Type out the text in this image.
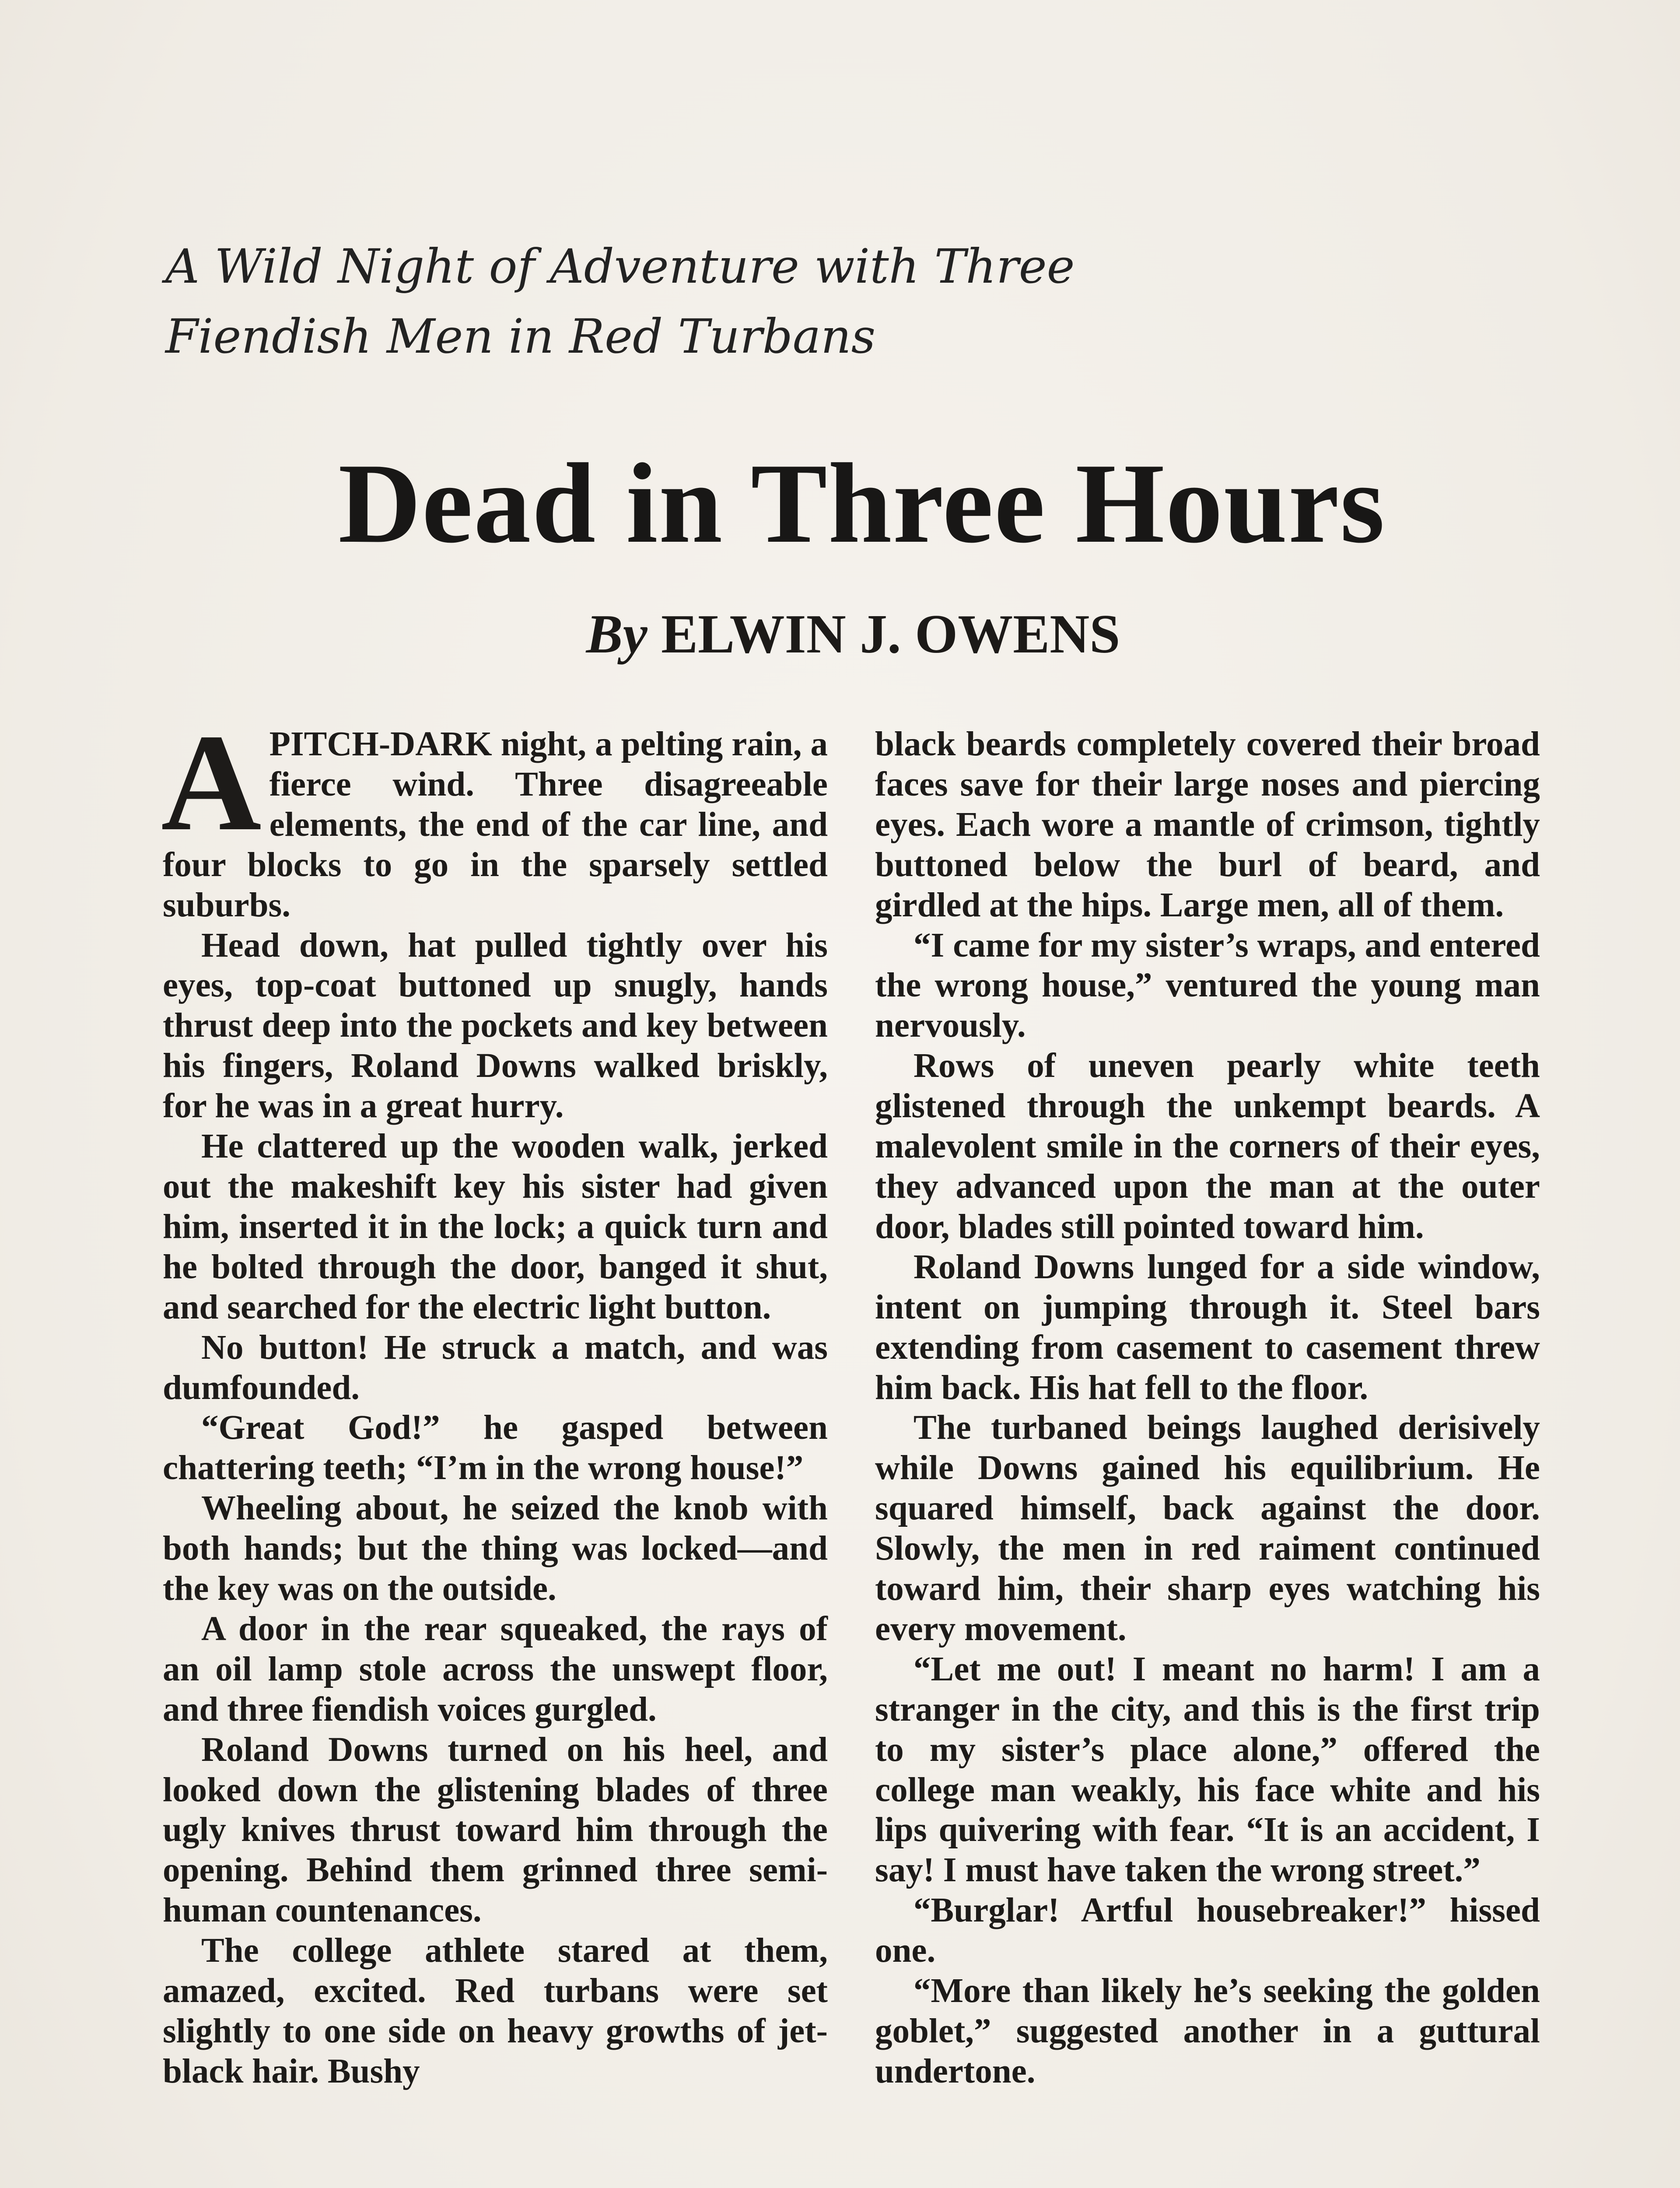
A Wild Night of Adventure with Three
Fiendish Men in Red Turbans
Dead in Three Hours
By ELWIN J. OWENS

APITCH-DARK night, a pelting rain, a fierce wind. Three disagreeable elements, the end of the car line, and four blocks to go in the sparsely settled suburbs.

Head down, hat pulled tightly over his eyes, top-coat buttoned up snugly, hands thrust deep into the pockets and key between his fingers, Roland Downs walked briskly, for he was in a great hurry.

He clattered up the wooden walk, jerked out the makeshift key his sister had given him, inserted it in the lock; a quick turn and he bolted through the door, banged it shut, and searched for the electric light button.

No button! He struck a match, and was dumfounded.

“Great God!” he gasped between chattering teeth; “I’m in the wrong house!”

Wheeling about, he seized the knob with both hands; but the thing was locked—and the key was on the outside.

A door in the rear squeaked, the rays of an oil lamp stole across the unswept floor, and three fiendish voices gurgled.

Roland Downs turned on his heel, and looked down the glistening blades of three ugly knives thrust toward him through the opening. Behind them grinned three semi-human countenances.

The college athlete stared at them, amazed, excited. Red turbans were set slightly to one side on heavy growths of jet-black hair. Bushy

black beards completely covered their broad faces save for their large noses and piercing eyes. Each wore a mantle of crimson, tightly buttoned below the burl of beard, and girdled at the hips. Large men, all of them.

“I came for my sister’s wraps, and entered the wrong house,” ventured the young man nervously.

Rows of uneven pearly white teeth glistened through the unkempt beards. A malevolent smile in the corners of their eyes, they advanced upon the man at the outer door, blades still pointed toward him.

Roland Downs lunged for a side window, intent on jumping through it. Steel bars extending from casement to casement threw him back. His hat fell to the floor.

The turbaned beings laughed derisively while Downs gained his equilibrium. He squared himself, back against the door. Slowly, the men in red raiment continued toward him, their sharp eyes watching his every movement.

“Let me out! I meant no harm! I am a stranger in the city, and this is the first trip to my sister’s place alone,” offered the college man weakly, his face white and his lips quivering with fear. “It is an accident, I say! I must have taken the wrong street.”

“Burglar! Artful housebreaker!” hissed one.

“More than likely he’s seeking the golden goblet,” suggested another in a guttural undertone.
